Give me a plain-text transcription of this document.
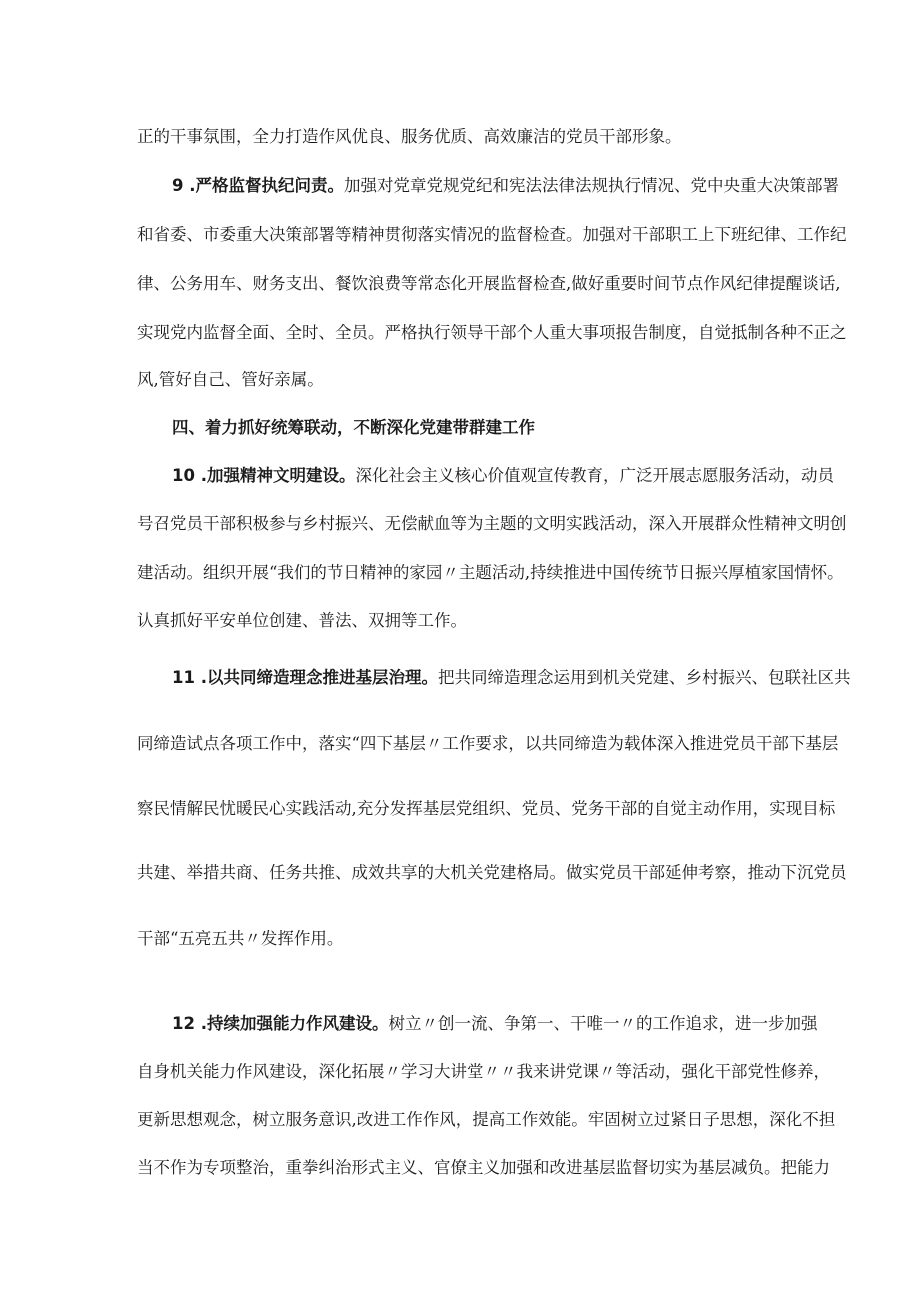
正的干事氛围，全力打造作风优良、服务优质、高效廉洁的党员干部形象。
9 .严格监督执纪问责。加强对党章党规党纪和宪法法律法规执行情况、党中央重大决策部署
和省委、市委重大决策部署等精神贯彻落实情况的监督检查。加强对干部职工上下班纪律、工作纪
律、公务用车、财务支出、餐饮浪费等常态化开展监督检查,做好重要时间节点作风纪律提醒谈话,
实现党内监督全面、全时、全员。严格执行领导干部个人重大事项报告制度，自觉抵制各种不正之
风,管好自己、管好亲属。
四、着力抓好统筹联动，不断深化党建带群建工作
10 .加强精神文明建设。深化社会主义核心价值观宣传教育，广泛开展志愿服务活动，动员
号召党员干部积极参与乡村振兴、无偿献血等为主题的文明实践活动，深入开展群众性精神文明创
建活动。组织开展“我们的节日精神的家园〃主题活动,持续推进中国传统节日振兴厚植家国情怀。
认真抓好平安单位创建、普法、双拥等工作。
11 .以共同缔造理念推进基层治理。把共同缔造理念运用到机关党建、乡村振兴、包联社区共
同缔造试点各项工作中，落实“四下基层〃工作要求，以共同缔造为载体深入推进党员干部下基层
察民情解民忧暖民心实践活动,充分发挥基层党组织、党员、党务干部的自觉主动作用，实现目标
共建、举措共商、任务共推、成效共享的大机关党建格局。做实党员干部延伸考察，推动下沉党员
干部“五亮五共〃发挥作用。
12 .持续加强能力作风建设。树立〃创一流、争第一、干唯一〃的工作追求，进一步加强
自身机关能力作风建设，深化拓展〃学习大讲堂〃〃我来讲党课〃等活动，强化干部党性修养，
更新思想观念，树立服务意识,改进工作作风，提高工作效能。牢固树立过紧日子思想，深化不担
当不作为专项整治，重拳纠治形式主义、官僚主义加强和改进基层监督切实为基层减负。把能力
